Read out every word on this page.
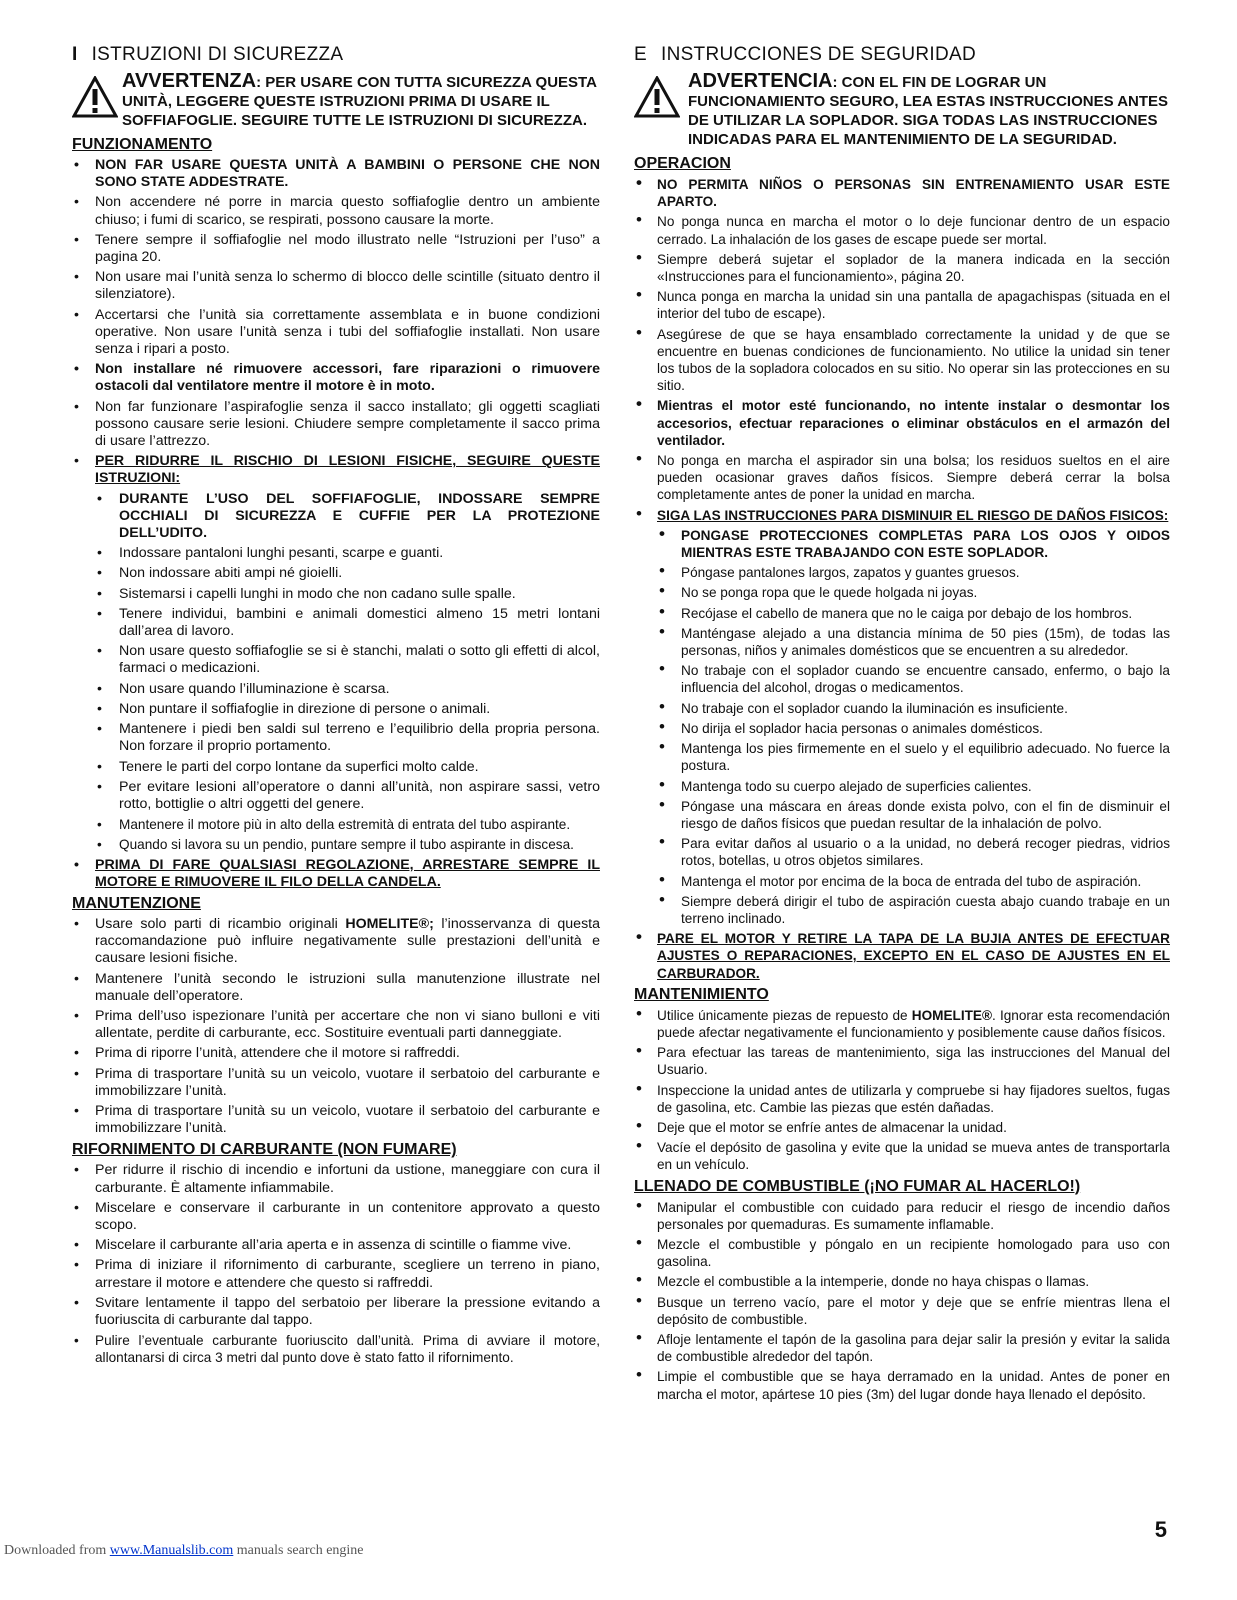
I ISTRUZIONI DI SICUREZZA
AVVERTENZA: PER USARE CON TUTTA SICUREZZA QUESTA UNITÀ, LEGGERE QUESTE ISTRUZIONI PRIMA DI USARE IL SOFFIAFOGLIE. SEGUIRE TUTTE LE ISTRUZIONI DI SICUREZZA.
FUNZIONAMENTO
• NON FAR USARE QUESTA UNITÀ A BAMBINI O PERSONE CHE NON SONO STATE ADDESTRATE.
• Non accendere né porre in marcia questo soffiafoglie dentro un ambiente chiuso; i fumi di scarico, se respirati, possono causare la morte.
• Tenere sempre il soffiafoglie nel modo illustrato nelle “Istruzioni per l’uso” a pagina 20.
• Non usare mai l’unità senza lo schermo di blocco delle scintille (situato dentro il silenziatore).
• Accertarsi che l’unità sia correttamente assemblata e in buone condizioni operative. Non usare l’unità senza i tubi del soffiafoglie installati. Non usare senza i ripari a posto.
• Non installare né rimuovere accessori, fare riparazioni o rimuovere ostacoli dal ventilatore mentre il motore è in moto.
• Non far funzionare l’aspirafoglie senza il sacco installato; gli oggetti scagliati possono causare serie lesioni. Chiudere sempre completamente il sacco prima di usare l’attrezzo.
• PER RIDURRE IL RISCHIO DI LESIONI FISICHE, SEGUIRE QUESTE ISTRUZIONI:
• DURANTE L’USO DEL SOFFIAFOGLIE, INDOSSARE SEMPRE OCCHIALI DI SICUREZZA E CUFFIE PER LA PROTEZIONE DELL’UDITO.
• Indossare pantaloni lunghi pesanti, scarpe e guanti.
• Non indossare abiti ampi né gioielli.
• Sistemarsi i capelli lunghi in modo che non cadano sulle spalle.
• Tenere individui, bambini e animali domestici almeno 15 metri lontani dall’area di lavoro.
• Non usare questo soffiafoglie se si è stanchi, malati o sotto gli effetti di alcol, farmaci o medicazioni.
• Non usare quando l’illuminazione è scarsa.
• Non puntare il soffiafoglie in direzione di persone o animali.
• Mantenere i piedi ben saldi sul terreno e l’equilibrio della propria persona. Non forzare il proprio portamento.
• Tenere le parti del corpo lontane da superfici molto calde.
• Per evitare lesioni all’operatore o danni all’unità, non aspirare sassi, vetro rotto, bottiglie o altri oggetti del genere.
• Mantenere il motore più in alto della estremità di entrata del tubo aspirante.
• Quando si lavora su un pendio, puntare sempre il tubo aspirante in discesa.
• PRIMA DI FARE QUALSIASI REGOLAZIONE, ARRESTARE SEMPRE IL MOTORE E RIMUOVERE IL FILO DELLA CANDELA.
MANUTENZIONE
• Usare solo parti di ricambio originali HOMELITE®; l’inosservanza di questa raccomandazione può influire negativamente sulle prestazioni dell’unità e causare lesioni fisiche.
• Mantenere l’unità secondo le istruzioni sulla manutenzione illustrate nel manuale dell’operatore.
• Prima dell’uso ispezionare l’unità per accertare che non vi siano bulloni e viti allentate, perdite di carburante, ecc. Sostituire eventuali parti danneggiate.
• Prima di riporre l’unità, attendere che il motore si raffreddi.
• Prima di trasportare l’unità su un veicolo, vuotare il serbatoio del carburante e immobilizzare l’unità.
• Prima di trasportare l’unità su un veicolo, vuotare il serbatoio del carburante e immobilizzare l’unità.
RIFORNIMENTO DI CARBURANTE (NON FUMARE)
• Per ridurre il rischio di incendio e infortuni da ustione, maneggiare con cura il carburante. È altamente infiammabile.
• Miscelare e conservare il carburante in un contenitore approvato a questo scopo.
• Miscelare il carburante all’aria aperta e in assenza di scintille o fiamme vive.
• Prima di iniziare il rifornimento di carburante, scegliere un terreno in piano, arrestare il motore e attendere che questo si raffreddi.
• Svitare lentamente il tappo del serbatoio per liberare la pressione evitando a fuoriuscita di carburante dal tappo.
• Pulire l’eventuale carburante fuoriuscito dall’unità. Prima di avviare il motore, allontanarsi di circa 3 metri dal punto dove è stato fatto il rifornimento.
E INSTRUCCIONES DE SEGURIDAD
ADVERTENCIA: CON EL FIN DE LOGRAR UN FUNCIONAMIENTO SEGURO, LEA ESTAS INSTRUCCIONES ANTES DE UTILIZAR LA SOPLADOR. SIGA TODAS LAS INSTRUCCIONES INDICADAS PARA EL MANTENIMIENTO DE LA SEGURIDAD.
OPERACION
• NO PERMITA NIÑOS O PERSONAS SIN ENTRENAMIENTO USAR ESTE APARTO.
• No ponga nunca en marcha el motor o lo deje funcionar dentro de un espacio cerrado. La inhalación de los gases de escape puede ser mortal.
• Siempre deberá sujetar el soplador de la manera indicada en la sección «Instrucciones para el funcionamiento», página 20.
• Nunca ponga en marcha la unidad sin una pantalla de apagachispas (situada en el interior del tubo de escape).
• Asegúrese de que se haya ensamblado correctamente la unidad y de que se encuentre en buenas condiciones de funcionamiento. No utilice la unidad sin tener los tubos de la sopladora colocados en su sitio. No operar sin las protecciones en su sitio.
• Mientras el motor esté funcionando, no intente instalar o desmontar los accesorios, efectuar reparaciones o eliminar obstáculos en el armazón del ventilador.
• No ponga en marcha el aspirador sin una bolsa; los residuos sueltos en el aire pueden ocasionar graves daños físicos. Siempre deberá cerrar la bolsa completamente antes de poner la unidad en marcha.
• SIGA LAS INSTRUCCIONES PARA DISMINUIR EL RIESGO DE DAÑOS FISICOS:
• PONGASE PROTECCIONES COMPLETAS PARA LOS OJOS Y OIDOS MIENTRAS ESTE TRABAJANDO CON ESTE SOPLADOR.
• Póngase pantalones largos, zapatos y guantes gruesos.
• No se ponga ropa que le quede holgada ni joyas.
• Recójase el cabello de manera que no le caiga por debajo de los hombros.
• Manténgase alejado a una distancia mínima de 50 pies (15m), de todas las personas, niños y animales domésticos que se encuentren a su alrededor.
• No trabaje con el soplador cuando se encuentre cansado, enfermo, o bajo la influencia del alcohol, drogas o medicamentos.
• No trabaje con el soplador cuando la iluminación es insuficiente.
• No dirija el soplador hacia personas o animales domésticos.
• Mantenga los pies firmemente en el suelo y el equilibrio adecuado. No fuerce la postura.
• Mantenga todo su cuerpo alejado de superficies calientes.
• Póngase una máscara en áreas donde exista polvo, con el fin de disminuir el riesgo de daños físicos que puedan resultar de la inhalación de polvo.
• Para evitar daños al usuario o a la unidad, no deberá recoger piedras, vidrios rotos, botellas, u otros objetos similares.
• Mantenga el motor por encima de la boca de entrada del tubo de aspiración.
• Siempre deberá dirigir el tubo de aspiración cuesta abajo cuando trabaje en un terreno inclinado.
• PARE EL MOTOR Y RETIRE LA TAPA DE LA BUJIA ANTES DE EFECTUAR AJUSTES O REPARACIONES, EXCEPTO EN EL CASO DE AJUSTES EN EL CARBURADOR.
MANTENIMIENTO
• Utilice únicamente piezas de repuesto de HOMELITE®. Ignorar esta recomendación puede afectar negativamente el funcionamiento y posiblemente cause daños físicos.
• Para efectuar las tareas de mantenimiento, siga las instrucciones del Manual del Usuario.
• Inspeccione la unidad antes de utilizarla y compruebe si hay fijadores sueltos, fugas de gasolina, etc. Cambie las piezas que estén dañadas.
• Deje que el motor se enfríe antes de almacenar la unidad.
• Vacíe el depósito de gasolina y evite que la unidad se mueva antes de transportarla en un vehículo.
LLENADO DE COMBUSTIBLE (¡NO FUMAR AL HACERLO!)
• Manipular el combustible con cuidado para reducir el riesgo de incendio daños personales por quemaduras. Es sumamente inflamable.
• Mezcle el combustible y póngalo en un recipiente homologado para uso con gasolina.
• Mezcle el combustible a la intemperie, donde no haya chispas o llamas.
• Busque un terreno vacío, pare el motor y deje que se enfríe mientras llena el depósito de combustible.
• Afloje lentamente el tapón de la gasolina para dejar salir la presión y evitar la salida de combustible alrededor del tapón.
• Limpie el combustible que se haya derramado en la unidad. Antes de poner en marcha el motor, apártese 10 pies (3m) del lugar donde haya llenado el depósito.
5
Downloaded from www.Manualslib.com manuals search engine
